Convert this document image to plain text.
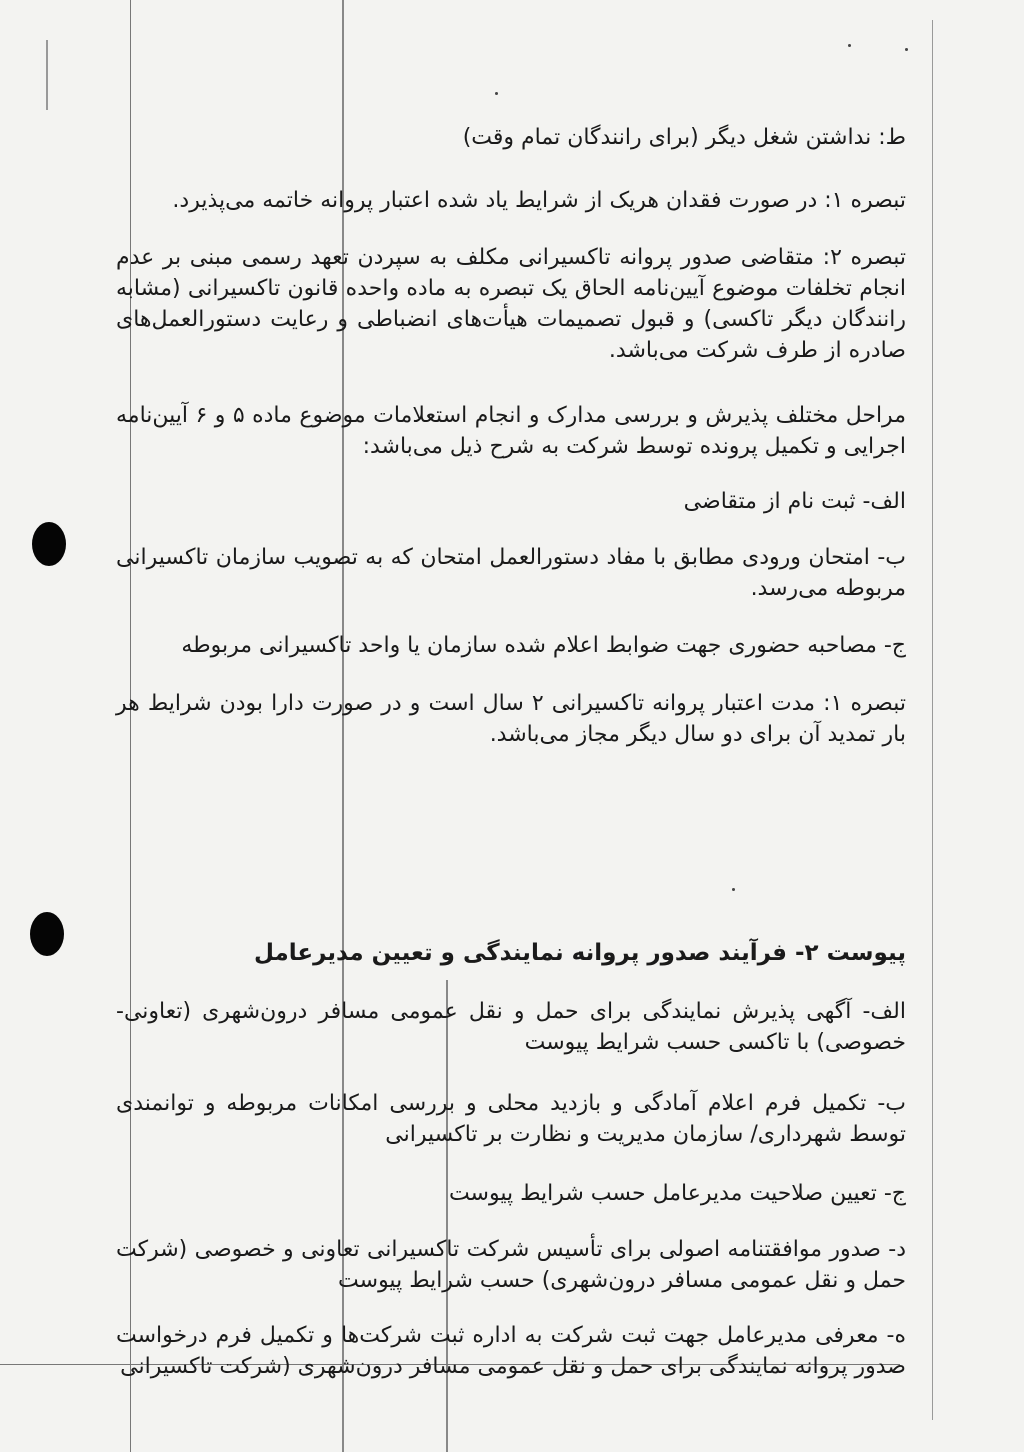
ط: نداشتن شغل دیگر (برای رانندگان تمام وقت)
تبصره ۱: در صورت فقدان هریک از شرایط یاد شده اعتبار پروانه خاتمه می‌پذیرد.
تبصره ۲: متقاضی صدور پروانه تاکسیرانی مکلف به سپردن تعهد رسمی مبنی بر عدم انجام تخلفات موضوع آیین‌نامه الحاق یک تبصره به ماده واحده قانون تاکسیرانی (مشابه رانندگان دیگر تاکسی) و قبول تصمیمات هیأت‌های انضباطی و رعایت دستورالعمل‌های صادره از طرف شرکت می‌باشد.
مراحل مختلف پذیرش و بررسی مدارک و انجام استعلامات موضوع ماده ۵ و ۶ آیین‌نامه اجرایی و تکمیل پرونده توسط شرکت به شرح ذیل می‌باشد:
الف- ثبت نام از متقاضی
ب- امتحان ورودی مطابق با مفاد دستورالعمل امتحان که به تصویب سازمان تاکسیرانی مربوطه می‌رسد.
ج- مصاحبه حضوری جهت ضوابط اعلام شده سازمان یا واحد تاکسیرانی مربوطه
تبصره ۱: مدت اعتبار پروانه تاکسیرانی ۲ سال است و در صورت دارا بودن شرایط هر بار تمدید آن برای دو سال دیگر مجاز می‌باشد.
پیوست ۲- فرآیند صدور پروانه نمایندگی و تعیین مدیرعامل
الف- آگهی پذیرش نمایندگی برای حمل و نقل عمومی مسافر درون‌شهری (تعاونی- خصوصی) با تاکسی حسب شرایط پیوست
ب- تکمیل فرم اعلام آمادگی و بازدید محلی و بررسی امکانات مربوطه و توانمندی توسط شهرداری/ سازمان مدیریت و نظارت بر تاکسیرانی
ج- تعیین صلاحیت مدیرعامل حسب شرایط پیوست
د- صدور موافقتنامه اصولی برای تأسیس شرکت تاکسیرانی تعاونی و خصوصی (شرکت حمل و نقل عمومی مسافر درون‌شهری) حسب شرایط پیوست
ه- معرفی مدیرعامل جهت ثبت شرکت به اداره ثبت شرکت‌ها و تکمیل فرم درخواست صدور پروانه نمایندگی برای حمل و نقل عمومی مسافر درون‌شهری (شرکت تاکسیرانی
